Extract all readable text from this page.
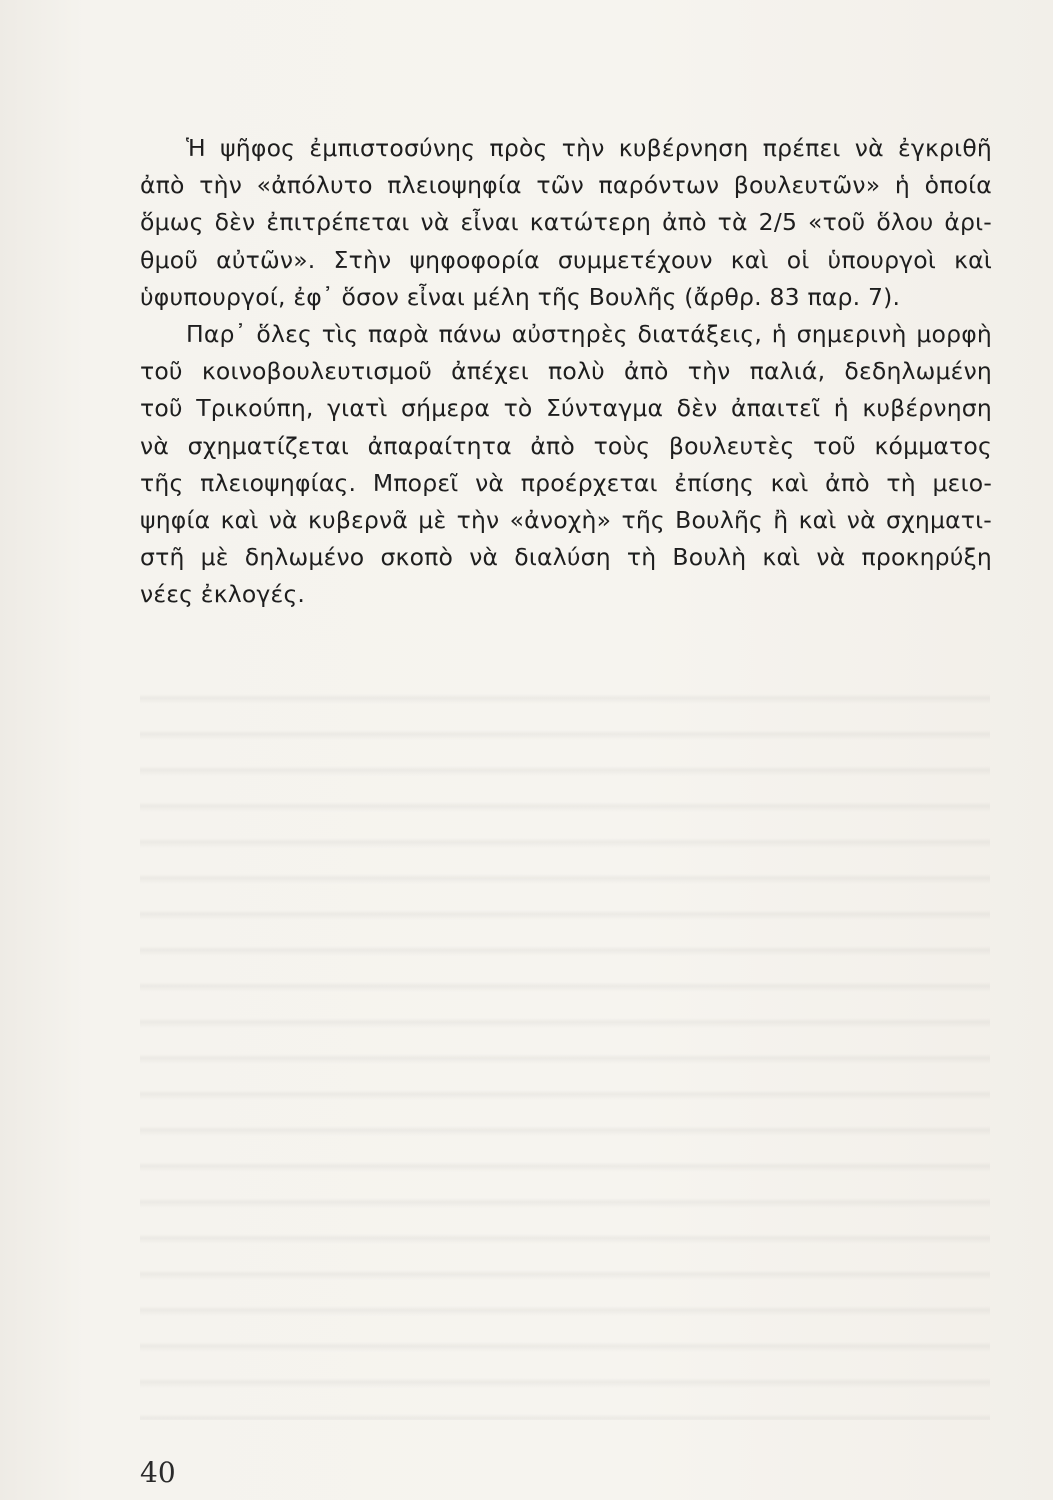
Ἡ ψῆφος ἐμπιστοσύνης πρὸς τὴν κυβέρνηση πρέπει νὰ ἐγκριθῆ
ἀπὸ τὴν «ἀπόλυτο πλειοψηφία τῶν παρόντων βουλευτῶν» ἡ ὁποία
ὅμως δὲν ἐπιτρέπεται νὰ εἶναι κατώτερη ἀπὸ τὰ 2/5 «τοῦ ὅλου ἀρι-
θμοῦ αὐτῶν». Στὴν ψηφοφορία συμμετέχουν καὶ οἱ ὑπουργοὶ καὶ
ὑφυπουργοί, ἐφ᾽ ὅσον εἶναι μέλη τῆς Βουλῆς (ἄρθρ. 83 παρ. 7).
Παρ᾽ ὅλες τὶς παρὰ πάνω αὐστηρὲς διατάξεις, ἡ σημερινὴ μορφὴ
τοῦ κοινοβουλευτισμοῦ ἀπέχει πολὺ ἀπὸ τὴν παλιά, δεδηλωμένη
τοῦ Τρικούπη, γιατὶ σήμερα τὸ Σύνταγμα δὲν ἀπαιτεῖ ἡ κυβέρνηση
νὰ σχηματίζεται ἀπαραίτητα ἀπὸ τοὺς βουλευτὲς τοῦ κόμματος
τῆς πλειοψηφίας. Μπορεῖ νὰ προέρχεται ἐπίσης καὶ ἀπὸ τὴ μειο-
ψηφία καὶ νὰ κυβερνᾶ μὲ τὴν «ἀνοχὴ» τῆς Βουλῆς ἢ καὶ νὰ σχηματι-
στῆ μὲ δηλωμένο σκοπὸ νὰ διαλύση τὴ Βουλὴ καὶ νὰ προκηρύξη
νέες ἐκλογές.
40
